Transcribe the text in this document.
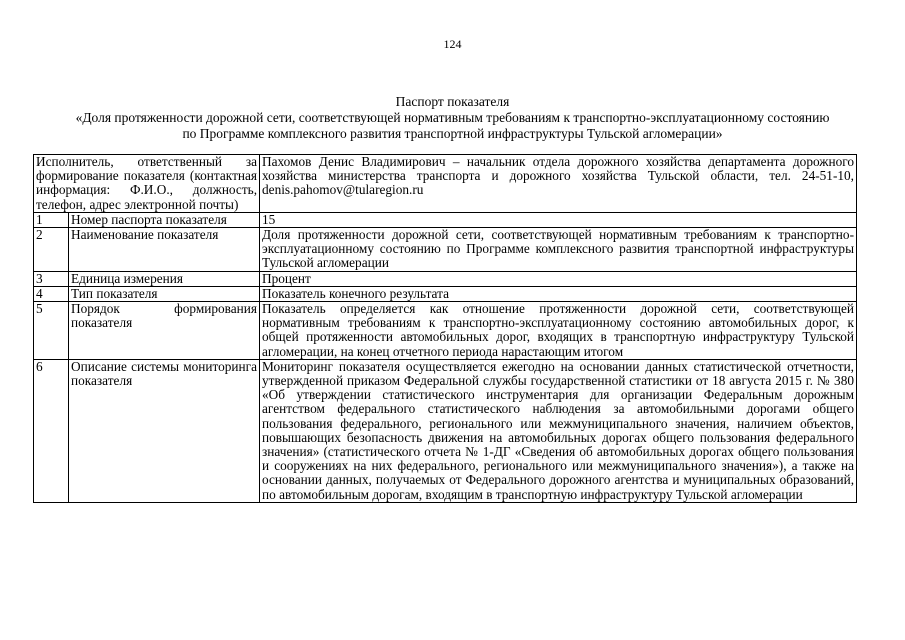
124
Паспорт показателя
«Доля протяженности дорожной сети, соответствующей нормативным требованиям к транспортно-эксплуатационному состоянию
по Программе комплексного развития транспортной инфраструктуры Тульской агломерации»
Исполнитель, ответственный за формирование показателя (контактная информация: Ф.И.О., должность, телефон, адрес электронной почты)		Пахомов Денис Владимирович – начальник отдела дорожного хозяйства департамента дорожного хозяйства министерства транспорта и дорожного хозяйства Тульской области, тел. 24-51-10, denis.pahomov@tularegion.ru
1	Номер паспорта показателя	15
2	Наименование показателя	Доля протяженности дорожной сети, соответствующей нормативным требованиям к транспортно-эксплуатационному состоянию по Программе комплексного развития транспортной инфраструктуры Тульской агломерации
3	Единица измерения	Процент
4	Тип показателя	Показатель конечного результата
5	Порядок формирования показателя	Показатель определяется как отношение протяженности дорожной сети, соответствующей нормативным требованиям к транспортно-эксплуатационному состоянию автомобильных дорог, к общей протяженности автомобильных дорог, входящих в транспортную инфраструктуру Тульской агломерации, на конец отчетного периода нарастающим итогом
6	Описание системы мониторинга показателя	Мониторинг показателя осуществляется ежегодно на основании данных статистической отчетности, утвержденной приказом Федеральной службы государственной статистики от 18 августа 2015 г. № 380 «Об утверждении статистического инструментария для организации Федеральным дорожным агентством федерального статистического наблюдения за автомобильными дорогами общего пользования федерального, регионального или межмуниципального значения, наличием объектов, повышающих безопасность движения на автомобильных дорогах общего пользования федерального значения» (статистического отчета № 1-ДГ «Сведения об автомобильных дорогах общего пользования и сооружениях на них федерального, регионального или межмуниципального значения»), а также на основании данных, получаемых от Федерального дорожного агентства и муниципальных образований, по автомобильным дорогам, входящим в транспортную инфраструктуру Тульской агломерации
